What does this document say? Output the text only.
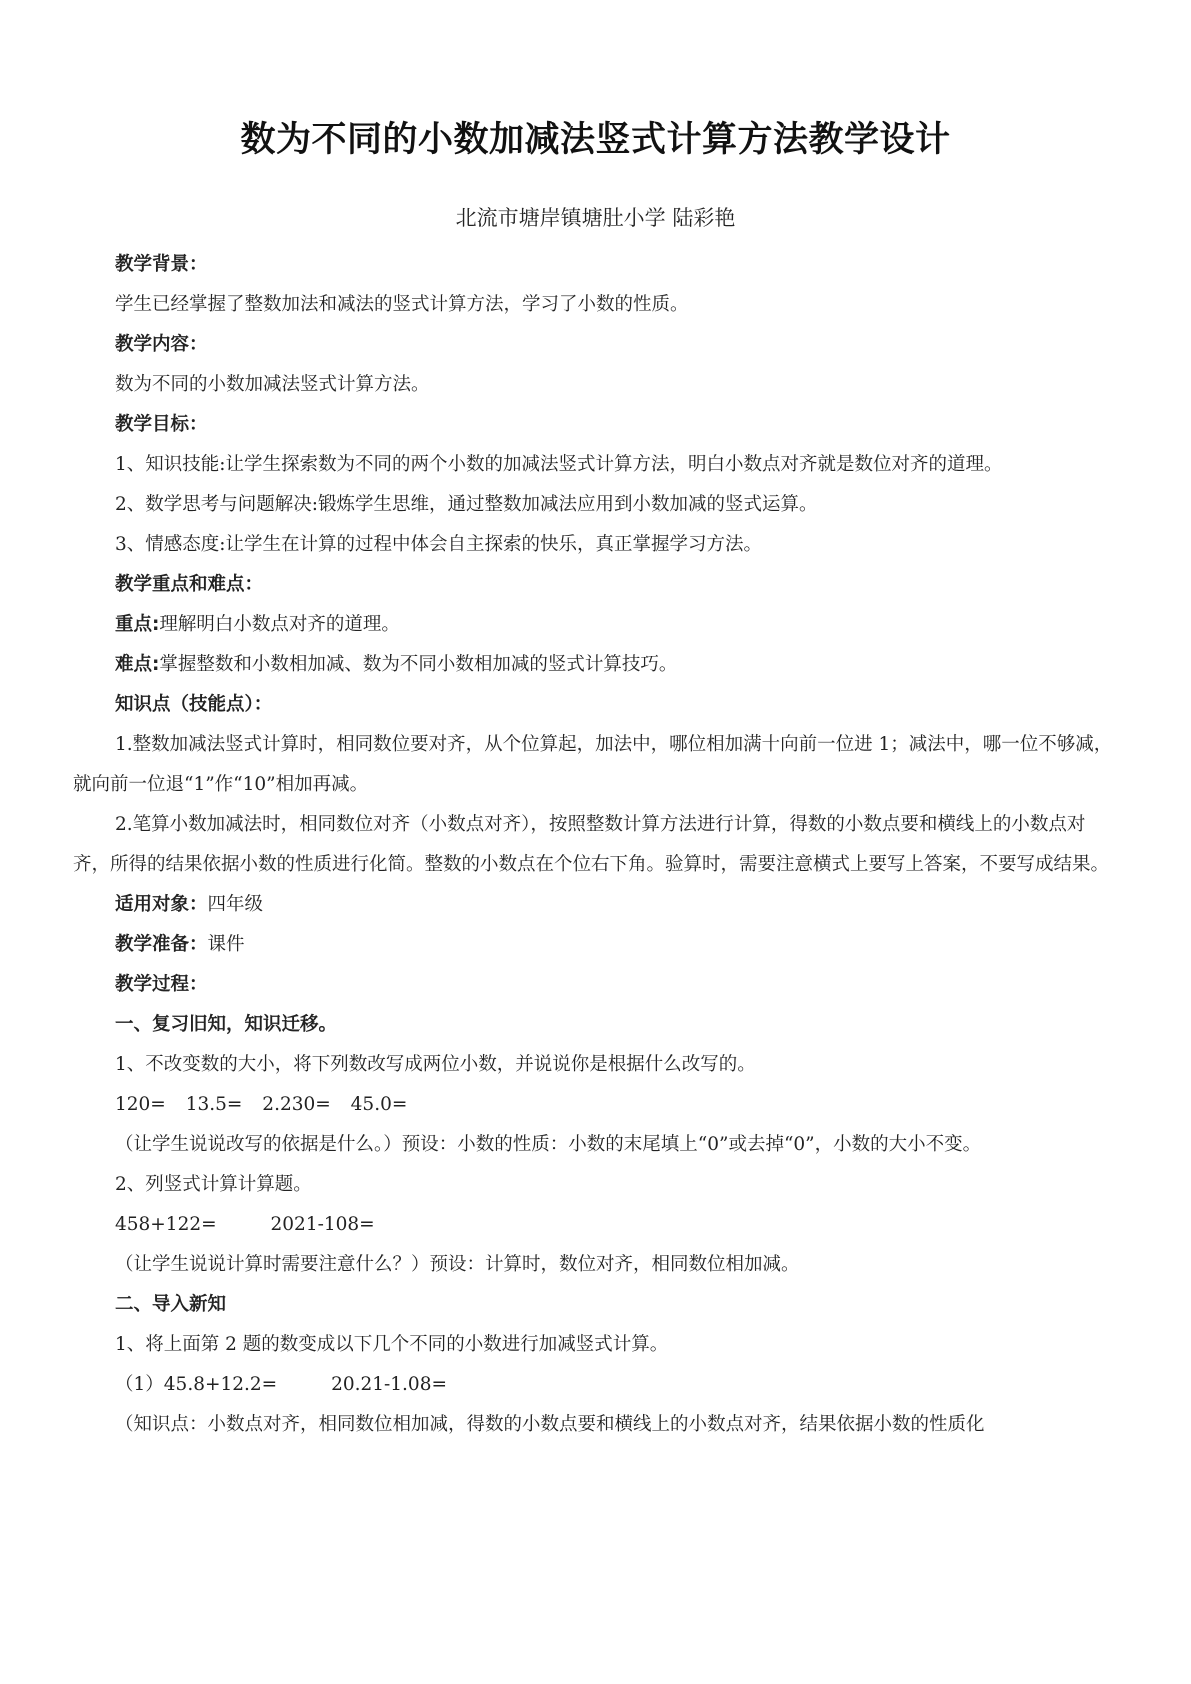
数为不同的小数加减法竖式计算方法教学设计
北流市塘岸镇塘肚小学 陆彩艳
教学背景：
学生已经掌握了整数加法和减法的竖式计算方法，学习了小数的性质。
教学内容：
数为不同的小数加减法竖式计算方法。
教学目标：
1、知识技能:让学生探索数为不同的两个小数的加减法竖式计算方法，明白小数点对齐就是数位对齐的道理。
2、数学思考与问题解决:锻炼学生思维，通过整数加减法应用到小数加减的竖式运算。
3、情感态度:让学生在计算的过程中体会自主探索的快乐，真正掌握学习方法。
教学重点和难点：
重点:理解明白小数点对齐的道理。
难点:掌握整数和小数相加减、数为不同小数相加减的竖式计算技巧。
知识点（技能点）：
1.整数加减法竖式计算时，相同数位要对齐，从个位算起，加法中，哪位相加满十向前一位进 1；减法中，哪一位不够减，就向前一位退“1”作“10”相加再减。
2.笔算小数加减法时，相同数位对齐（小数点对齐），按照整数计算方法进行计算，得数的小数点要和横线上的小数点对齐，所得的结果依据小数的性质进行化简。整数的小数点在个位右下角。验算时，需要注意横式上要写上答案，不要写成结果。
适用对象：四年级
教学准备：课件
教学过程：
一、复习旧知，知识迁移。
1、不改变数的大小，将下列数改写成两位小数，并说说你是根据什么改写的。
120= 13.5= 2.230= 45.0=
（让学生说说改写的依据是什么。）预设：小数的性质：小数的末尾填上“0”或去掉“0”，小数的大小不变。
2、列竖式计算计算题。
458+122=	2021-108=
（让学生说说计算时需要注意什么？）预设：计算时，数位对齐，相同数位相加减。
二、导入新知
1、将上面第 2 题的数变成以下几个不同的小数进行加减竖式计算。
（1）45.8+12.2=	20.21-1.08=
（知识点：小数点对齐，相同数位相加减，得数的小数点要和横线上的小数点对齐，结果依据小数的性质化
